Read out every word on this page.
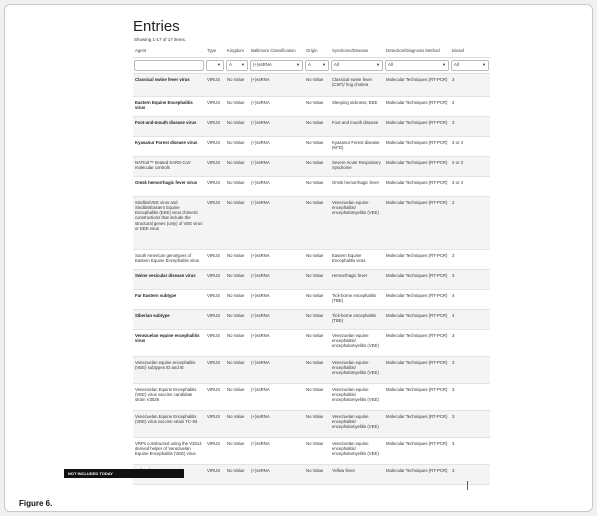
Entries
Showing 1-17 of 17 items.
Agent	Type	Kingdom	Baltimore Classification	Origin	Syndrome/Disease	Detection/Diagnosis Method	Biosaf

	▼	A ▼	(+)ssRNA ▼	A ▼	All ▼	All ▼	All ▼

Classical swine fever virus	VIRUS	No Value	(+)ssRNA	No Value	Classical swine fever (CSF)/ hog cholera	Molecular Techniques (RT-PCR)	3
Eastern Equine Encephalitis virus	VIRUS	No Value	(+)ssRNA	No Value	Sleeping sickness; EEE	Molecular Techniques (RT-PCR)	2
Foot-and-mouth disease virus	VIRUS	No Value	(+)ssRNA	No Value	Foot and mouth disease	Molecular Techniques (RT-PCR)	3
Kyasanur Forest disease virus	VIRUS	No Value	(+)ssRNA	No Value	Kyasanur Forest disease (KFD)	Molecular Techniques (RT-PCR)	3 or 4
NATtrol™ treated SARS-CoV molecular controls	VIRUS	No Value	(+)ssRNA	No Value	Severe Acute Respiratory Syndrome	Molecular Techniques (RT-PCR)	2 or 3
Omsk hemorrhagic fever virus	VIRUS	No Value	(+)ssRNA	No Value	Omsk hemorrhagic fever	Molecular Techniques (RT-PCR)	3 or 4
Sindbis/VEE virus and Sindbis/Eastern Equine Encephalitis (EEE) virus chimeric constructions that include the structural genes (only) of VEE virus or EEE virus	VIRUS	No Value	(+)ssRNA	No Value	Venezuelan equine encephalitis/ encephalomyelitis (VEE)	Molecular Techniques (RT-PCR)	2
South American genotypes of Eastern Equine Encephalitis virus	VIRUS	No Value	(+)ssRNA	No Value	Eastern Equine Encephalitis virus	Molecular Techniques (RT-PCR)	2
Swine vesicular disease virus	VIRUS	No Value	(+)ssRNA	No Value	Hemorrhagic fever	Molecular Techniques (RT-PCR)	3
Far Eastern subtype	VIRUS	No Value	(+)ssRNA	No Value	Tick-borne encephalitis (TBE)	Molecular Techniques (RT-PCR)	4
Siberian subtype	VIRUS	No Value	(+)ssRNA	No Value	Tick-borne encephalitis (TBE)	Molecular Techniques (RT-PCR)	4
Venezuelan equine encephalitis virus	VIRUS	No Value	(+)ssRNA	No Value	Venezuelan equine encephalitis/ encephalomyelitis (VEE)	Molecular Techniques (RT-PCR)	3
Venezuelan equine encephalitis (VEE) subtypes ID and IE	VIRUS	No Value	(+)ssRNA	No Value	Venezuelan equine encephalitis/ encephalomyelitis (VEE)	Molecular Techniques (RT-PCR)	3
Venezuelan Equine Encephalitis (VEE) virus vaccine candidate strain V3526	VIRUS	No Value	(+)ssRNA	No Value	Venezuelan equine encephalitis/ encephalomyelitis (VEE)	Molecular Techniques (RT-PCR)	3
Venezuelan Equine Encephalitis (VEE) virus vaccine strain TC-83	VIRUS	No Value	(+)ssRNA	No Value	Venezuelan equine encephalitis/ encephalomyelitis (VEE)	Molecular Techniques (RT-PCR)	3
VRPs constructed using the V3014 derived helper of Venezuelan Equine Encephalitis (VEE) virus	VIRUS	No Value	(+)ssRNA	No Value	Venezuelan equine encephalitis/ encephalomyelitis (VEE)	Molecular Techniques (RT-PCR)	3
	VIRUS	No Value	(+)ssRNA	No Value	Yellow fever	Molecular Techniques (RT-PCR)	3
NOT INCLUDED TODAY
Figure 6.
